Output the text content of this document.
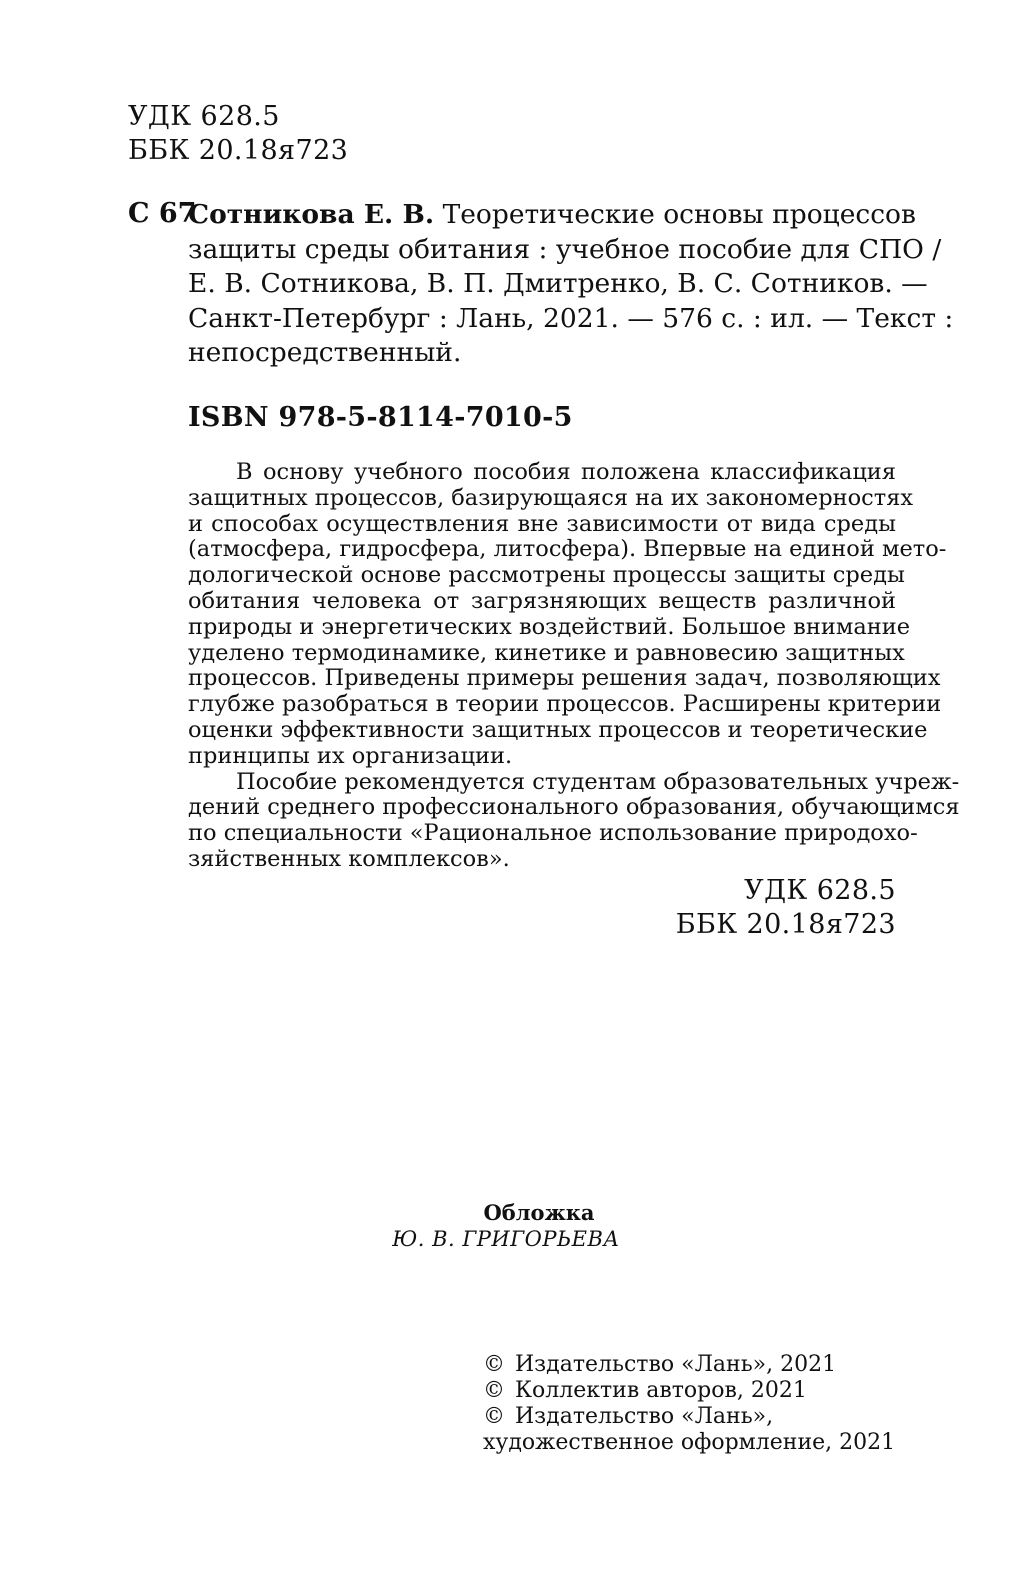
УДК 628.5
ББК 20.18я723
С 67
Сотникова Е. В. Теоретические основы процессов
защиты среды обитания : учебное пособие для СПО /
Е. В. Сотникова, В. П. Дмитренко, В. С. Сотников. —
Санкт-Петербург : Лань, 2021. — 576 с. : ил. — Текст :
непосредственный.
ISBN 978-5-8114-7010-5
В основу учебного пособия положена классификация
защитных процессов, базирующаяся на их закономерностях
и способах осуществления вне зависимости от вида среды
(атмосфера, гидросфера, литосфера). Впервые на единой мето-
дологической основе рассмотрены процессы защиты среды
обитания человека от загрязняющих веществ различной
природы и энергетических воздействий. Большое внимание
уделено термодинамике, кинетике и равновесию защитных
процессов. Приведены примеры решения задач, позволяющих
глубже разобраться в теории процессов. Расширены критерии
оценки эффективности защитных процессов и теоретические
принципы их организации.
Пособие рекомендуется студентам образовательных учреж-
дений среднего профессионального образования, обучающимся
по специальности «Рациональное использование природохо-
зяйственных комплексов».
УДК 628.5
ББК 20.18я723
Обложка
Ю. В. ГРИГОРЬЕВА
© Издательство «Лань», 2021
© Коллектив авторов, 2021
© Издательство «Лань»,
художественное оформление, 2021
